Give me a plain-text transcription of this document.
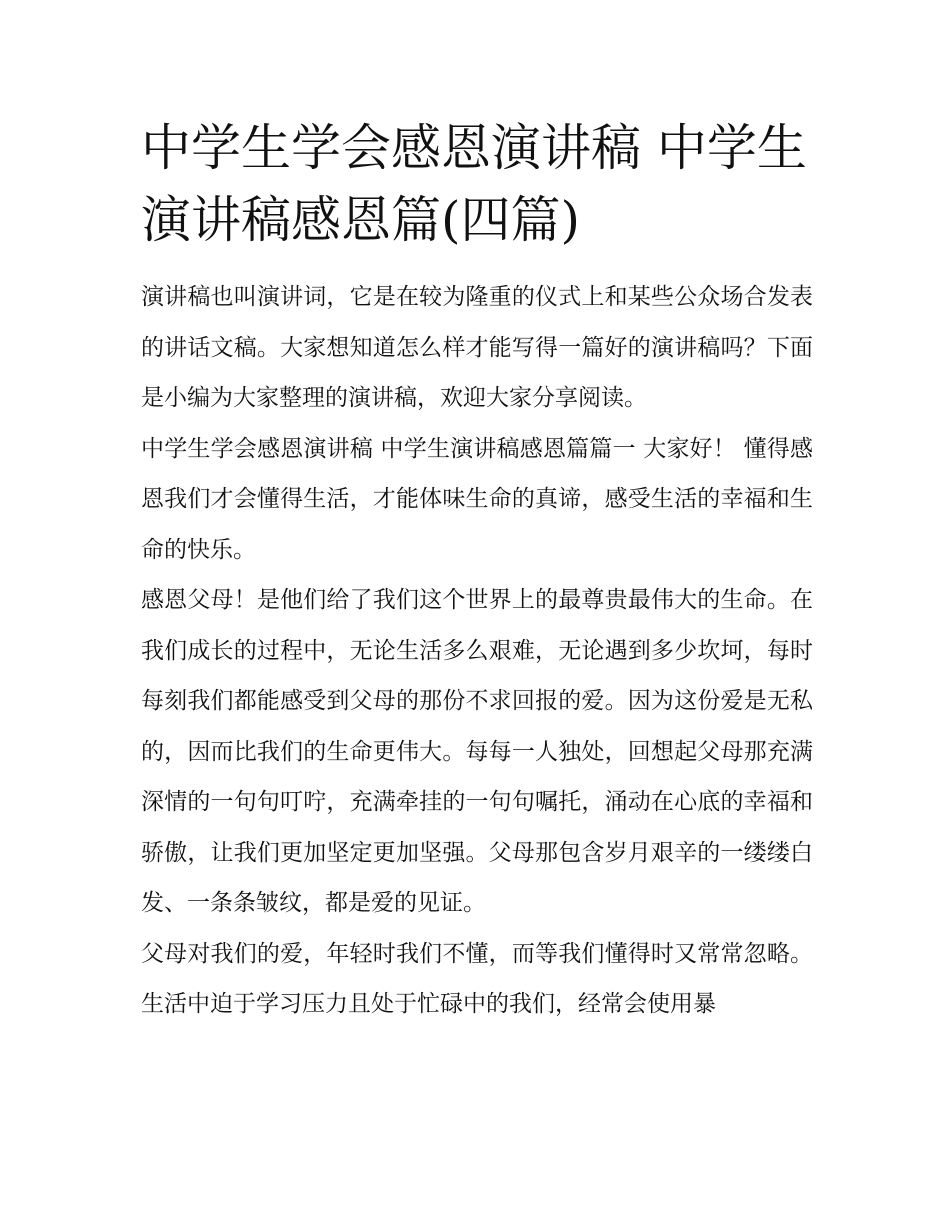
中学生学会感恩演讲稿 中学生演讲稿感恩篇(四篇)

演讲稿也叫演讲词，它是在较为隆重的仪式上和某些公众场合发表的讲话文稿。大家想知道怎么样才能写得一篇好的演讲稿吗？下面是小编为大家整理的演讲稿，欢迎大家分享阅读。

中学生学会感恩演讲稿 中学生演讲稿感恩篇篇一 大家好！ 懂得感恩我们才会懂得生活，才能体味生命的真谛，感受生活的幸福和生命的快乐。

感恩父母！是他们给了我们这个世界上的最尊贵最伟大的生命。在我们成长的过程中，无论生活多么艰难，无论遇到多少坎坷，每时每刻我们都能感受到父母的那份不求回报的爱。因为这份爱是无私的，因而比我们的生命更伟大。每每一人独处，回想起父母那充满深情的一句句叮咛，充满牵挂的一句句嘱托，涌动在心底的幸福和骄傲，让我们更加坚定更加坚强。父母那包含岁月艰辛的一缕缕白发、一条条皱纹，都是爱的见证。

父母对我们的爱，年轻时我们不懂，而等我们懂得时又常常忽略。生活中迫于学习压力且处于忙碌中的我们，经常会使用暴
